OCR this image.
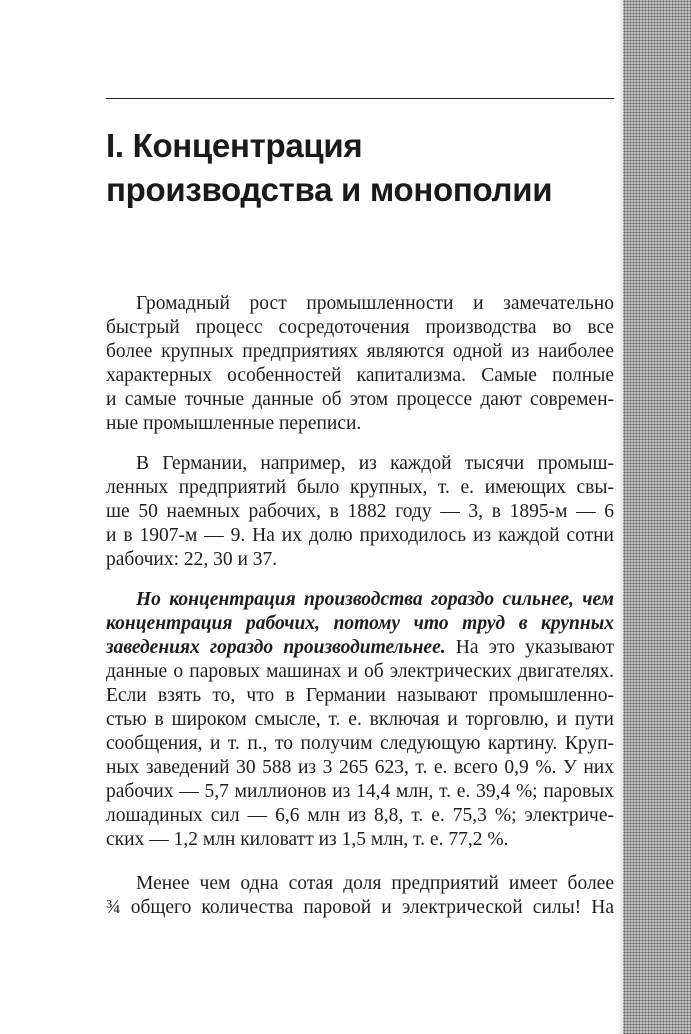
I. Концентрация
производства и монополии
Громадный рост промышленности и замечательно
быстрый процесс сосредоточения производства во все
более крупных предприятиях являются одной из наиболее
характерных особенностей капитализма. Самые полные
и самые точные данные об этом процессе дают современ-
ные промышленные переписи.
В Германии, например, из каждой тысячи промыш-
ленных предприятий было крупных, т. е. имеющих свы-
ше 50 наемных рабочих, в 1882 году — 3, в 1895-м — 6
и в 1907-м — 9. На их долю приходилось из каждой сотни
рабочих: 22, 30 и 37.
Но концентрация производства гораздо сильнее, чем
концентрация рабочих, потому что труд в крупных
заведениях гораздо производительнее. На это указывают
данные о паровых машинах и об электрических двигателях.
Если взять то, что в Германии называют промышленно-
стью в широком смысле, т. е. включая и торговлю, и пути
сообщения, и т. п., то получим следующую картину. Круп-
ных заведений 30 588 из 3 265 623, т. е. всего 0,9 %. У них
рабочих — 5,7 миллионов из 14,4 млн, т. е. 39,4 %; паровых
лошадиных сил — 6,6 млн из 8,8, т. е. 75,3 %; электриче-
ских — 1,2 млн киловатт из 1,5 млн, т. е. 77,2 %.
Менее чем одна сотая доля предприятий имеет более
¾ общего количества паровой и электрической силы! На
